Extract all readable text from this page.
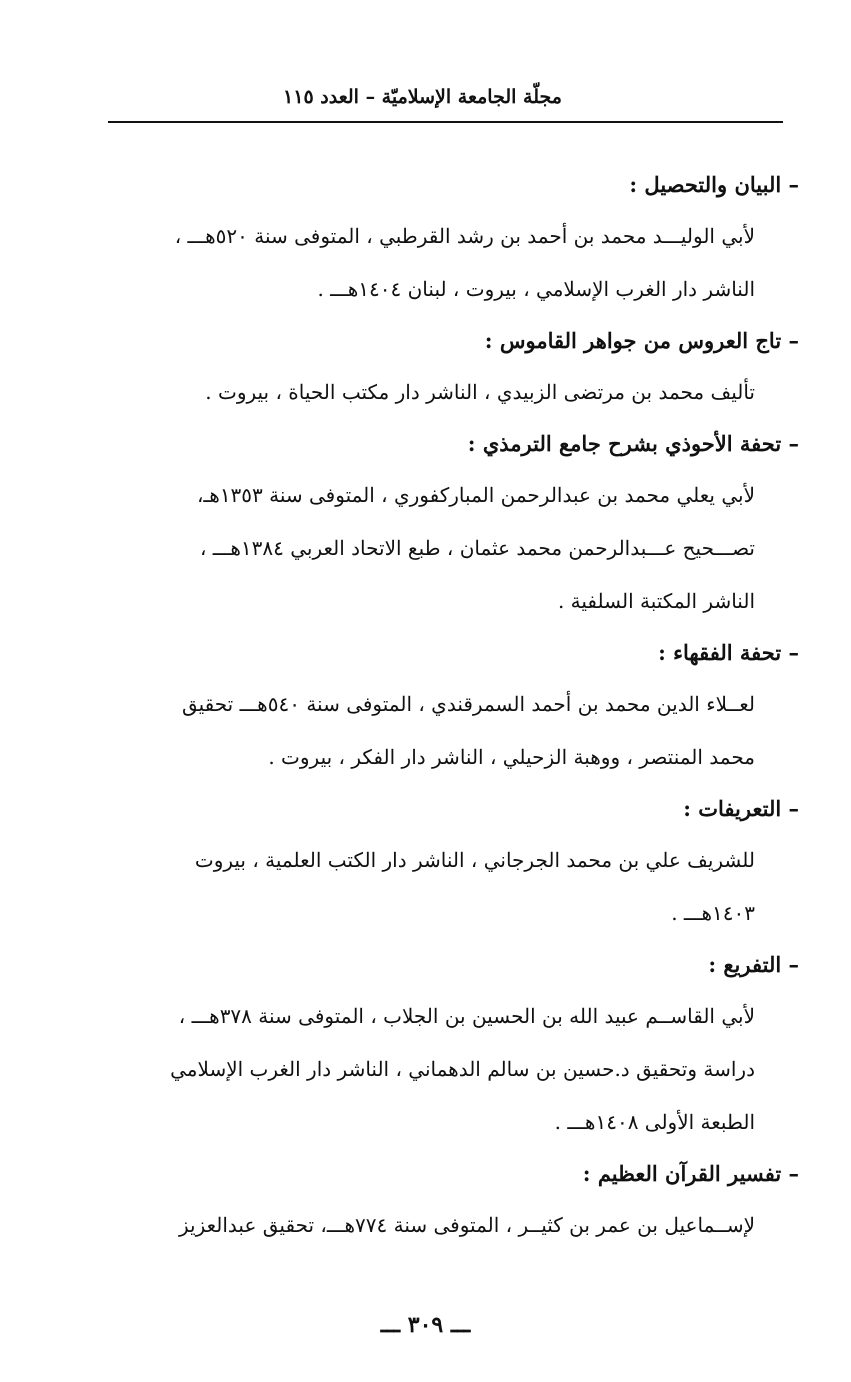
مجلّة الجامعة الإسلاميّة – العدد ١١٥
– البيان والتحصيل :
لأبي الوليـــد محمد بن أحمد بن رشد القرطبي ، المتوفى سنة ٥٢٠هـــ ،
الناشر دار الغرب الإسلامي ، بيروت ، لبنان ١٤٠٤هـــ .
– تاج العروس من جواهر القاموس :
تأليف محمد بن مرتضى الزبيدي ، الناشر دار مكتب الحياة ، بيروت .
– تحفة الأحوذي بشرح جامع الترمذي :
لأبي يعلي محمد بن عبدالرحمن المباركفوري ، المتوفى سنة ١٣٥٣هـ،
تصـــحيح عـــبدالرحمن محمد عثمان ، طبع الاتحاد العربي ١٣٨٤هـــ ،
الناشر المكتبة السلفية .
– تحفة الفقهاء :
لعــلاء الدين محمد بن أحمد السمرقندي ، المتوفى سنة ٥٤٠هـــ تحقيق
محمد المنتصر ، ووهبة الزحيلي ، الناشر دار الفكر ، بيروت .
– التعريفات :
للشريف علي بن محمد الجرجاني ، الناشر دار الكتب العلمية ، بيروت
١٤٠٣هـــ .
– التفريع :
لأبي القاســم عبيد الله بن الحسين بن الجلاب ، المتوفى سنة ٣٧٨هـــ ،
دراسة وتحقيق د.حسين بن سالم الدهماني ، الناشر دار الغرب الإسلامي
الطبعة الأولى ١٤٠٨هـــ .
– تفسير القرآن العظيم :
لإســماعيل بن عمر بن كثيــر ، المتوفى سنة ٧٧٤هـــ، تحقيق عبدالعزيز
ـــ ٣٠٩ ـــ
